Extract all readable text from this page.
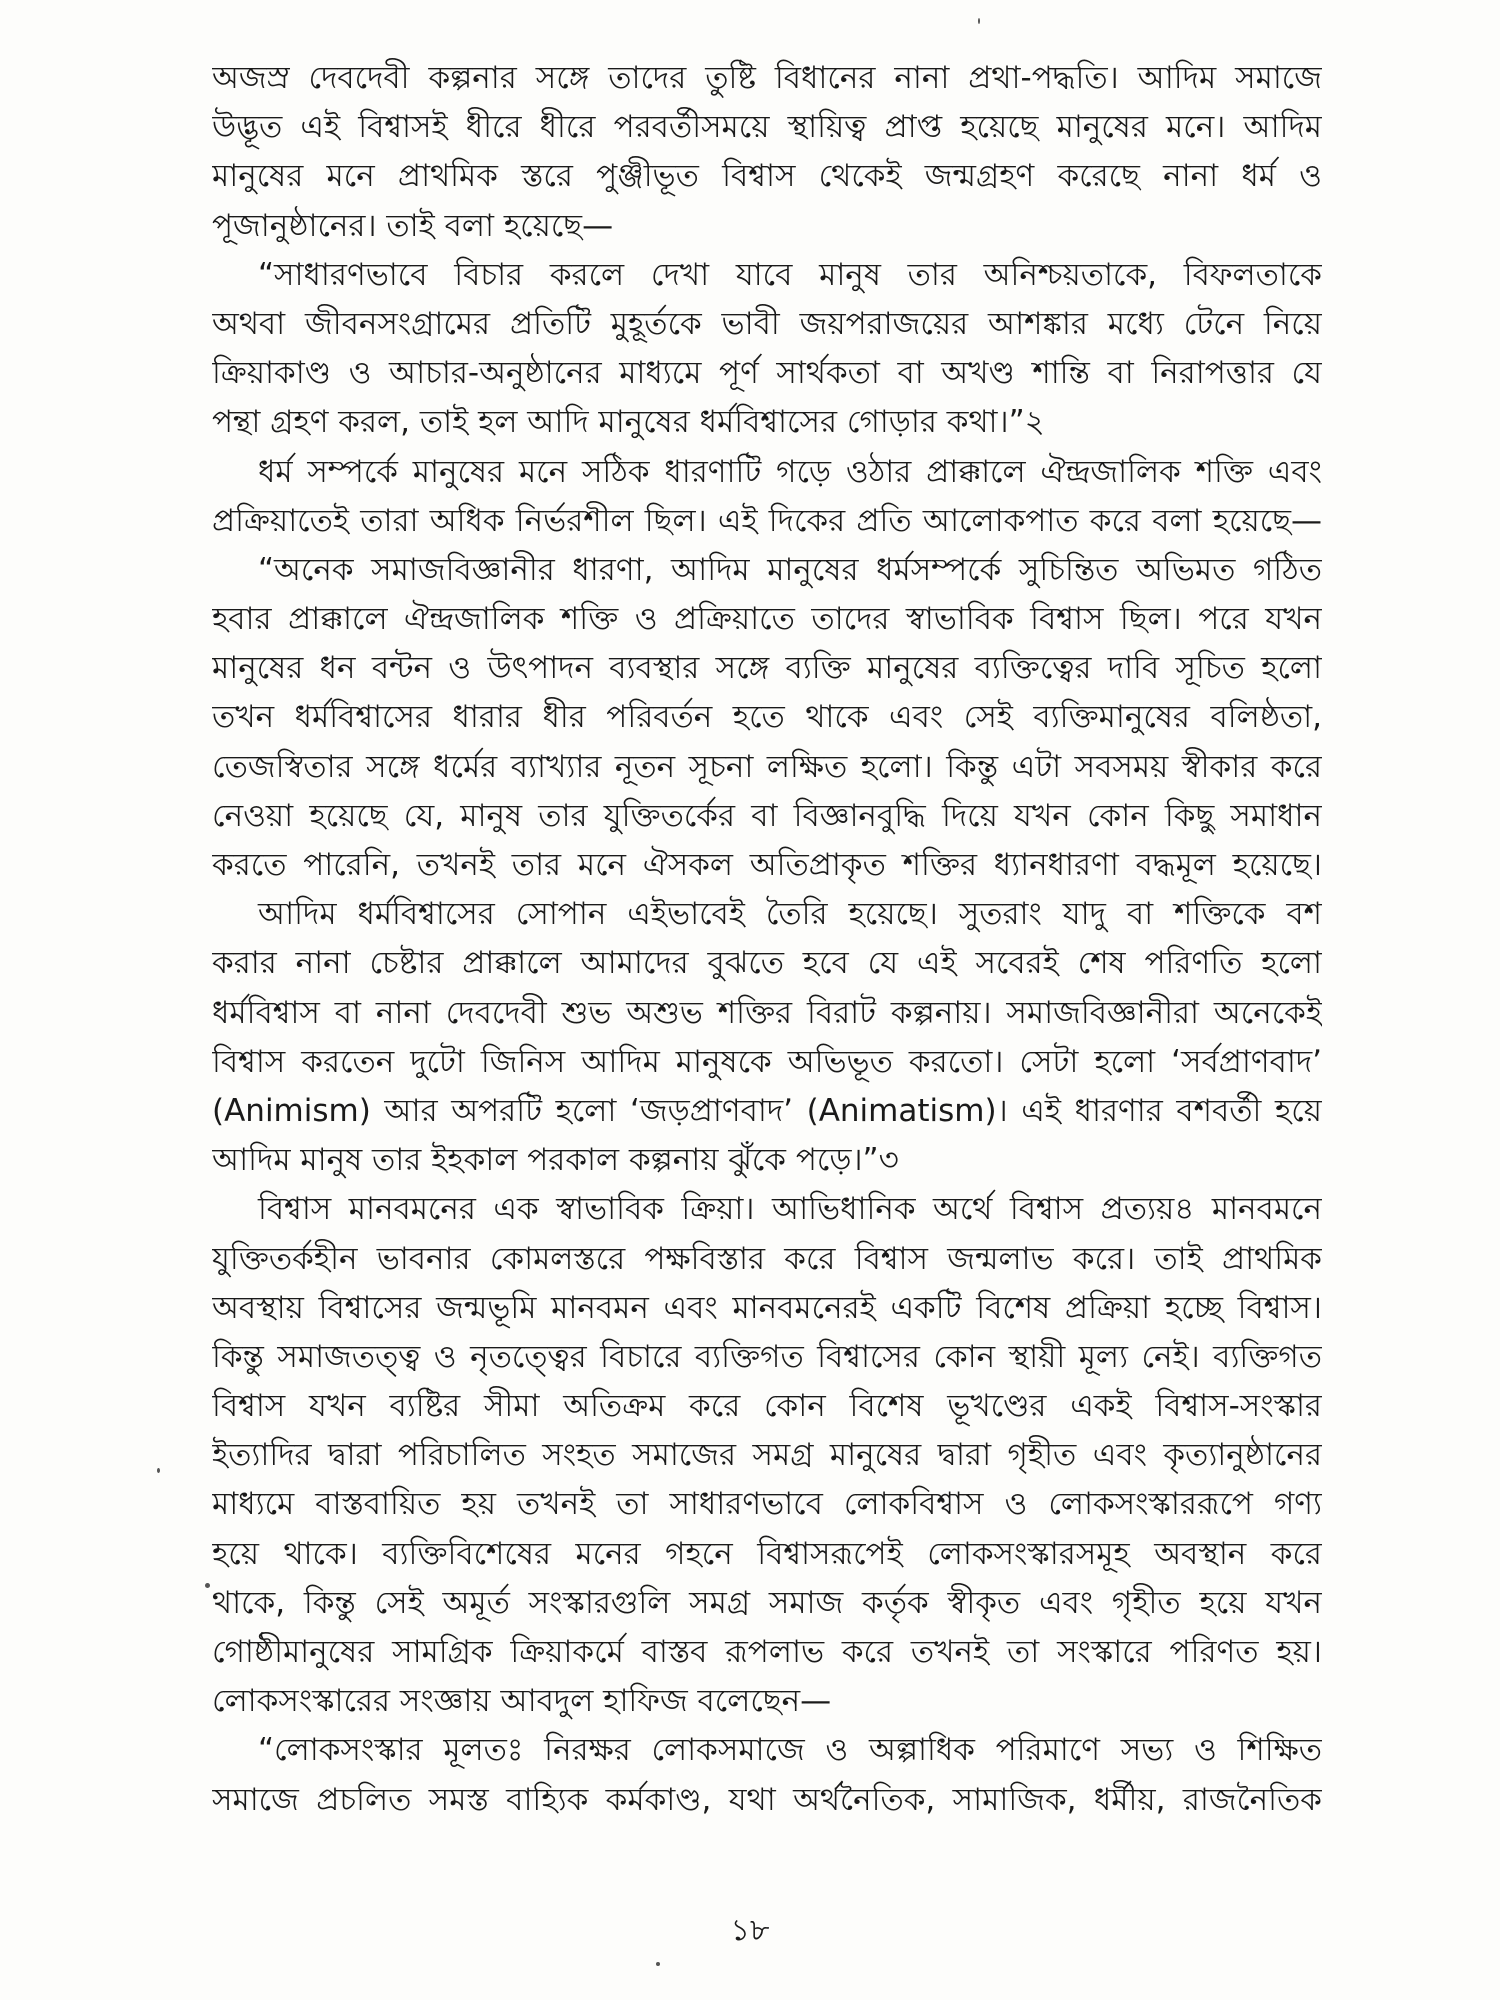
অজস্র দেবদেবী কল্পনার সঙ্গে তাদের তুষ্টি বিধানের নানা প্রথা-পদ্ধতি। আদিম সমাজে
উদ্ভূত এই বিশ্বাসই ধীরে ধীরে পরবর্তীসময়ে স্থায়িত্ব প্রাপ্ত হয়েছে মানুষের মনে। আদিম
মানুষের মনে প্রাথমিক স্তরে পুঞ্জীভূত বিশ্বাস থেকেই জন্মগ্রহণ করেছে নানা ধর্ম ও
পূজানুষ্ঠানের। তাই বলা হয়েছে—
“সাধারণভাবে বিচার করলে দেখা যাবে মানুষ তার অনিশ্চয়তাকে, বিফলতাকে
অথবা জীবনসংগ্রামের প্রতিটি মুহূর্তকে ভাবী জয়পরাজয়ের আশঙ্কার মধ্যে টেনে নিয়ে
ক্রিয়াকাণ্ড ও আচার-অনুষ্ঠানের মাধ্যমে পূর্ণ সার্থকতা বা অখণ্ড শান্তি বা নিরাপত্তার যে
পন্থা গ্রহণ করল, তাই হল আদি মানুষের ধর্মবিশ্বাসের গোড়ার কথা।”২
ধর্ম সম্পর্কে মানুষের মনে সঠিক ধারণাটি গড়ে ওঠার প্রাক্কালে ঐন্দ্রজালিক শক্তি এবং
প্রক্রিয়াতেই তারা অধিক নির্ভরশীল ছিল। এই দিকের প্রতি আলোকপাত করে বলা হয়েছে—
“অনেক সমাজবিজ্ঞানীর ধারণা, আদিম মানুষের ধর্মসম্পর্কে সুচিন্তিত অভিমত গঠিত
হবার প্রাক্কালে ঐন্দ্রজালিক শক্তি ও প্রক্রিয়াতে তাদের স্বাভাবিক বিশ্বাস ছিল। পরে যখন
মানুষের ধন বন্টন ও উৎপাদন ব্যবস্থার সঙ্গে ব্যক্তি মানুষের ব্যক্তিত্বের দাবি সূচিত হলো
তখন ধর্মবিশ্বাসের ধারার ধীর পরিবর্তন হতে থাকে এবং সেই ব্যক্তিমানুষের বলিষ্ঠতা,
তেজস্বিতার সঙ্গে ধর্মের ব্যাখ্যার নূতন সূচনা লক্ষিত হলো। কিন্তু এটা সবসময় স্বীকার করে
নেওয়া হয়েছে যে, মানুষ তার যুক্তিতর্কের বা বিজ্ঞানবুদ্ধি দিয়ে যখন কোন কিছু সমাধান
করতে পারেনি, তখনই তার মনে ঐসকল অতিপ্রাকৃত শক্তির ধ্যানধারণা বদ্ধমূল হয়েছে।
আদিম ধর্মবিশ্বাসের সোপান এইভাবেই তৈরি হয়েছে। সুতরাং যাদু বা শক্তিকে বশ
করার নানা চেষ্টার প্রাক্কালে আমাদের বুঝতে হবে যে এই সবেরই শেষ পরিণতি হলো
ধর্মবিশ্বাস বা নানা দেবদেবী শুভ অশুভ শক্তির বিরাট কল্পনায়। সমাজবিজ্ঞানীরা অনেকেই
বিশ্বাস করতেন দুটো জিনিস আদিম মানুষকে অভিভূত করতো। সেটা হলো ‘সর্বপ্রাণবাদ’
(Animism) আর অপরটি হলো ‘জড়প্রাণবাদ’ (Animatism)। এই ধারণার বশবর্তী হয়ে
আদিম মানুষ তার ইহকাল পরকাল কল্পনায় ঝুঁকে পড়ে।”৩
বিশ্বাস মানবমনের এক স্বাভাবিক ক্রিয়া। আভিধানিক অর্থে বিশ্বাস প্রত্যয়৪ মানবমনে
যুক্তিতর্কহীন ভাবনার কোমলস্তরে পক্ষবিস্তার করে বিশ্বাস জন্মলাভ করে। তাই প্রাথমিক
অবস্থায় বিশ্বাসের জন্মভূমি মানবমন এবং মানবমনেরই একটি বিশেষ প্রক্রিয়া হচ্ছে বিশ্বাস।
কিন্তু সমাজতত্ত্ব ও নৃতত্ত্বের বিচারে ব্যক্তিগত বিশ্বাসের কোন স্থায়ী মূল্য নেই। ব্যক্তিগত
বিশ্বাস যখন ব্যষ্টির সীমা অতিক্রম করে কোন বিশেষ ভূখণ্ডের একই বিশ্বাস-সংস্কার
ইত্যাদির দ্বারা পরিচালিত সংহত সমাজের সমগ্র মানুষের দ্বারা গৃহীত এবং কৃত্যানুষ্ঠানের
মাধ্যমে বাস্তবায়িত হয় তখনই তা সাধারণভাবে লোকবিশ্বাস ও লোকসংস্কাররূপে গণ্য
হয়ে থাকে। ব্যক্তিবিশেষের মনের গহনে বিশ্বাসরূপেই লোকসংস্কারসমূহ অবস্থান করে
থাকে, কিন্তু সেই অমূর্ত সংস্কারগুলি সমগ্র সমাজ কর্তৃক স্বীকৃত এবং গৃহীত হয়ে যখন
গোষ্ঠীমানুষের সামগ্রিক ক্রিয়াকর্মে বাস্তব রূপলাভ করে তখনই তা সংস্কারে পরিণত হয়।
লোকসংস্কারের সংজ্ঞায় আবদুল হাফিজ বলেছেন—
“লোকসংস্কার মূলতঃ নিরক্ষর লোকসমাজে ও অল্পাধিক পরিমাণে সভ্য ও শিক্ষিত
সমাজে প্রচলিত সমস্ত বাহ্যিক কর্মকাণ্ড, যথা অর্থনৈতিক, সামাজিক, ধর্মীয়, রাজনৈতিক
১৮
